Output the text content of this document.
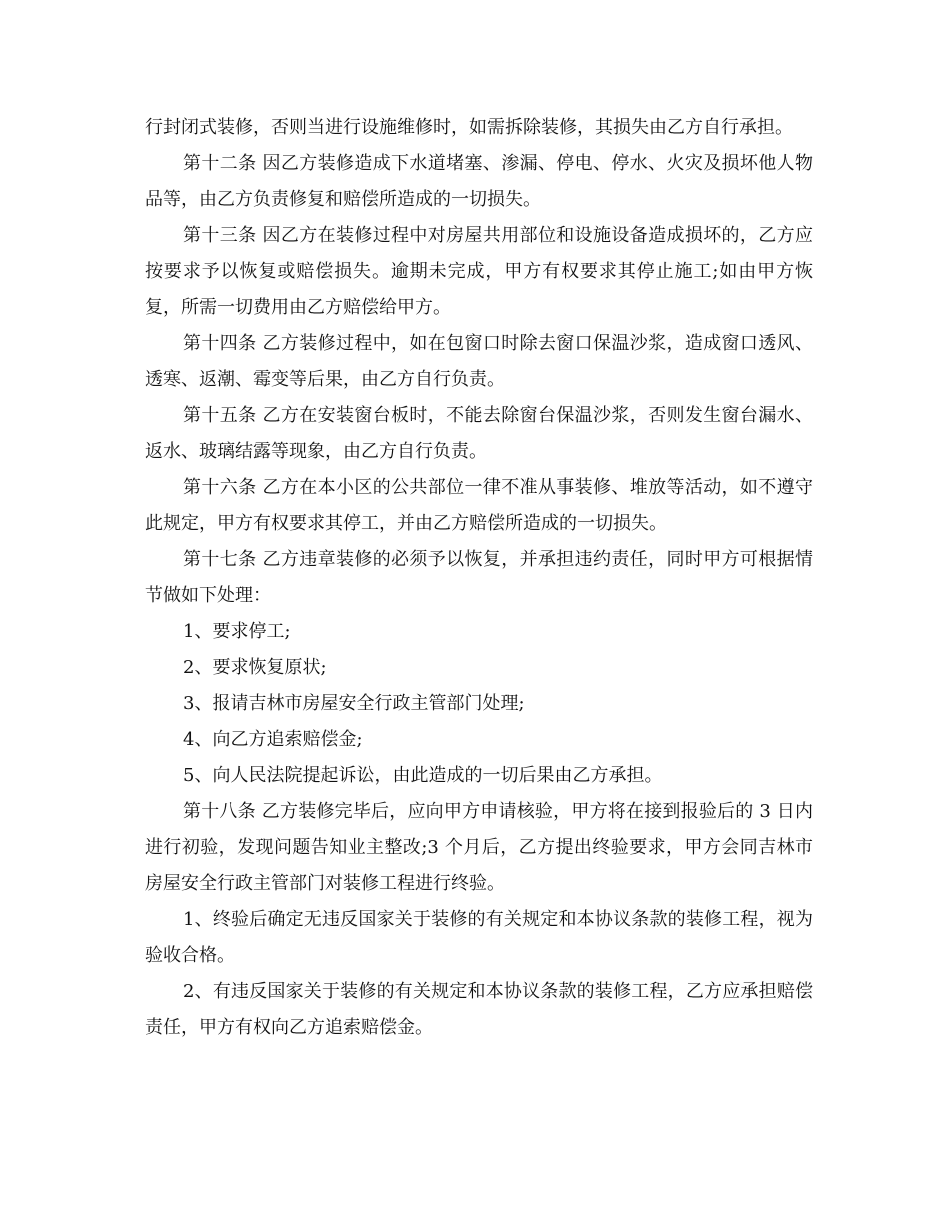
行封闭式装修，否则当进行设施维修时，如需拆除装修，其损失由乙方自行承担。

第十二条 因乙方装修造成下水道堵塞、渗漏、停电、停水、火灾及损坏他人物品等，由乙方负责修复和赔偿所造成的一切损失。

第十三条 因乙方在装修过程中对房屋共用部位和设施设备造成损坏的，乙方应按要求予以恢复或赔偿损失。逾期未完成，甲方有权要求其停止施工;如由甲方恢复，所需一切费用由乙方赔偿给甲方。

第十四条 乙方装修过程中，如在包窗口时除去窗口保温沙浆，造成窗口透风、透寒、返潮、霉变等后果，由乙方自行负责。

第十五条 乙方在安装窗台板时，不能去除窗台保温沙浆，否则发生窗台漏水、返水、玻璃结露等现象，由乙方自行负责。

第十六条 乙方在本小区的公共部位一律不准从事装修、堆放等活动，如不遵守此规定，甲方有权要求其停工，并由乙方赔偿所造成的一切损失。

第十七条 乙方违章装修的必须予以恢复，并承担违约责任，同时甲方可根据情节做如下处理：

1、要求停工;

2、要求恢复原状;

3、报请吉林市房屋安全行政主管部门处理;

4、向乙方追索赔偿金;

5、向人民法院提起诉讼，由此造成的一切后果由乙方承担。

第十八条 乙方装修完毕后，应向甲方申请核验，甲方将在接到报验后的 3 日内进行初验，发现问题告知业主整改;3 个月后，乙方提出终验要求，甲方会同吉林市房屋安全行政主管部门对装修工程进行终验。

1、终验后确定无违反国家关于装修的有关规定和本协议条款的装修工程，视为验收合格。

2、有违反国家关于装修的有关规定和本协议条款的装修工程，乙方应承担赔偿责任，甲方有权向乙方追索赔偿金。
